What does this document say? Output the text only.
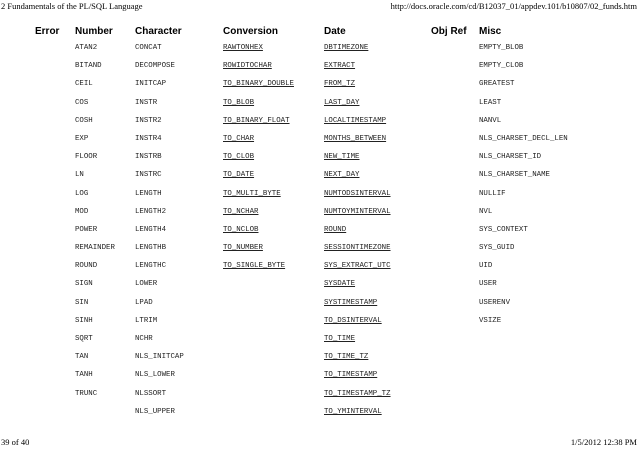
2 Fundamentals of the PL/SQL Language	http://docs.oracle.com/cd/B12037_01/appdev.101/b10807/02_funds.htm
Error	Number	Character	Conversion	Date	Obj Ref	Misc
	ATAN2	CONCAT	RAWTONHEX	DBTIMEZONE		EMPTY_BLOB
	BITAND	DECOMPOSE	ROWIDTOCHAR	EXTRACT		EMPTY_CLOB
	CEIL	INITCAP	TO_BINARY_DOUBLE	FROM_TZ		GREATEST
	COS	INSTR	TO_BLOB	LAST_DAY		LEAST
	COSH	INSTR2	TO_BINARY_FLOAT	LOCALTIMESTAMP		NANVL
	EXP	INSTR4	TO_CHAR	MONTHS_BETWEEN		NLS_CHARSET_DECL_LEN
	FLOOR	INSTRB	TO_CLOB	NEW_TIME		NLS_CHARSET_ID
	LN	INSTRC	TO_DATE	NEXT_DAY		NLS_CHARSET_NAME
	LOG	LENGTH	TO_MULTI_BYTE	NUMTODSINTERVAL		NULLIF
	MOD	LENGTH2	TO_NCHAR	NUMTOYMINTERVAL		NVL
	POWER	LENGTH4	TO_NCLOB	ROUND		SYS_CONTEXT
	REMAINDER	LENGTHB	TO_NUMBER	SESSIONTIMEZONE		SYS_GUID
	ROUND	LENGTHC	TO_SINGLE_BYTE	SYS_EXTRACT_UTC		UID
	SIGN	LOWER		SYSDATE		USER
	SIN	LPAD		SYSTIMESTAMP		USERENV
	SINH	LTRIM		TO_DSINTERVAL		VSIZE
	SQRT	NCHR		TO_TIME		
	TAN	NLS_INITCAP		TO_TIME_TZ		
	TANH	NLS_LOWER		TO_TIMESTAMP		
	TRUNC	NLSSORT		TO_TIMESTAMP_TZ		
		NLS_UPPER		TO_YMINTERVAL		
39 of 40	1/5/2012 12:38 PM
